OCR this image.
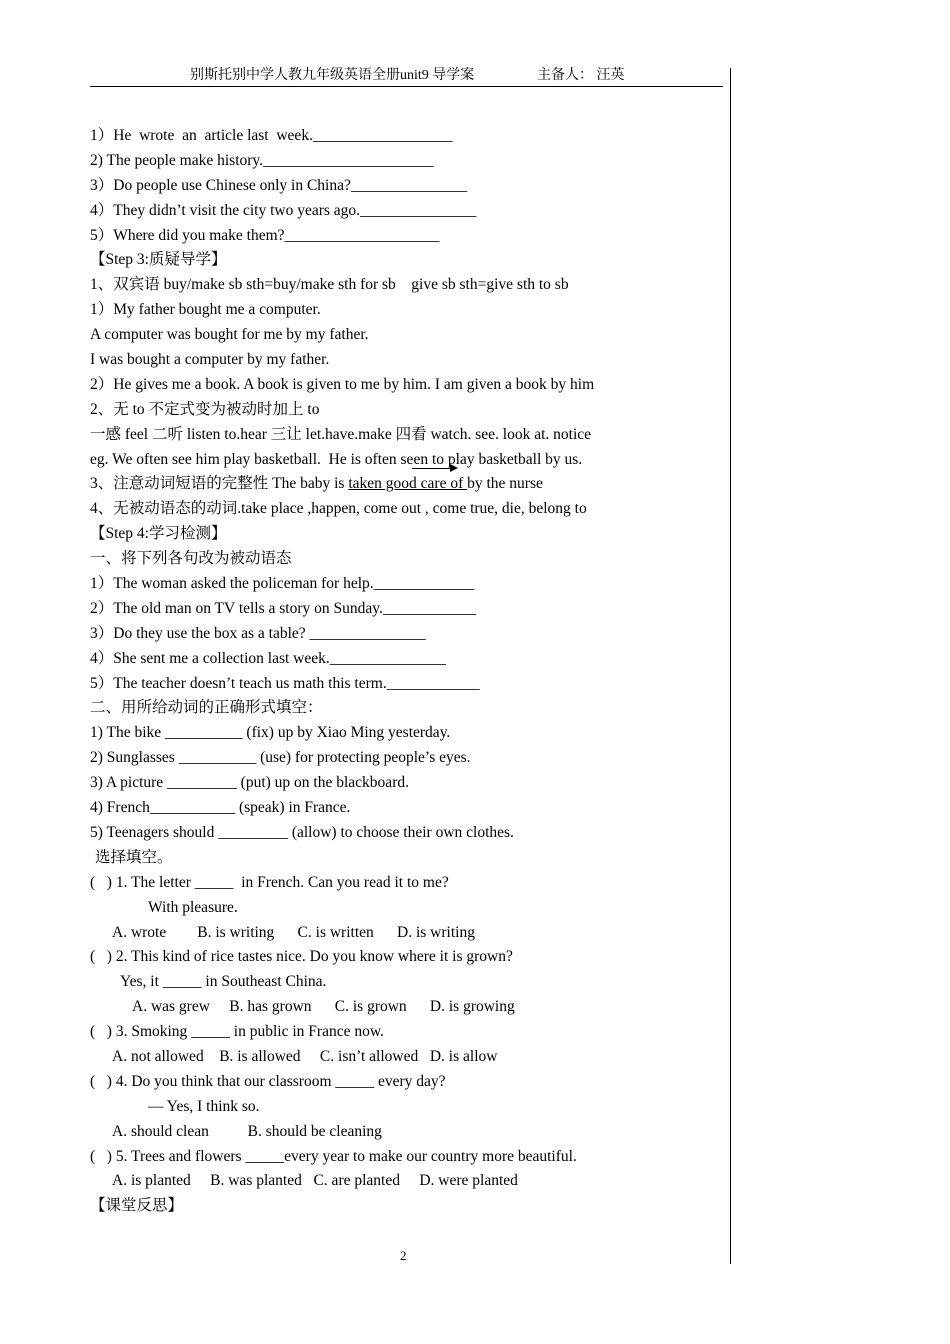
别斯托别中学人教九年级英语全册unit9 导学案	主备人： 汪英
1）He  wrote  an  article last  week.__________________
2) The people make history.______________________
3）Do people use Chinese only in China?_______________
4）They didn’t visit the city two years ago._______________
5）Where did you make them?____________________
【Step 3:质疑导学】
1、双宾语 buy/make sb sth=buy/make sth for sb    give sb sth=give sth to sb
1）My father bought me a computer.
A computer was bought for me by my father.
I was bought a computer by my father.
2）He gives me a book. A book is given to me by him. I am given a book by him
2、无 to 不定式变为被动时加上 to
一感 feel 二听 listen to.hear 三让 let.have.make 四看 watch. see. look at. notice
eg. We often see him play basketball.  He is often seen to play basketball by us.
3、注意动词短语的完整性 The baby is taken good care of by the nurse
4、无被动语态的动词.take place ,happen, come out , come true, die, belong to
【Step 4:学习检测】
一、将下列各句改为被动语态
1）The woman asked the policeman for help._____________
2）The old man on TV tells a story on Sunday.____________
3）Do they use the box as a table? _______________
4）She sent me a collection last week._______________
5）The teacher doesn’t teach us math this term.____________
二、用所给动词的正确形式填空：
1) The bike __________ (fix) up by Xiao Ming yesterday.
2) Sunglasses __________ (use) for protecting people’s eyes.
3) A picture _________ (put) up on the blackboard.
4) French___________ (speak) in France.
5) Teenagers should _________ (allow) to choose their own clothes.
选择填空。
(   ) 1. The letter _____  in French. Can you read it to me?
With pleasure.
A. wrote        B. is writing      C. is written      D. is writing
(   ) 2. This kind of rice tastes nice. Do you know where it is grown?
Yes, it _____ in Southeast China.
A. was grew     B. has grown      C. is grown      D. is growing
(   ) 3. Smoking _____ in public in France now.
A. not allowed    B. is allowed     C. isn’t allowed   D. is allow
(   ) 4. Do you think that our classroom _____ every day?
— Yes, I think so.
A. should clean          B. should be cleaning
(   ) 5. Trees and flowers _____every year to make our country more beautiful.
A. is planted     B. was planted   C. are planted     D. were planted
【课堂反思】
2
